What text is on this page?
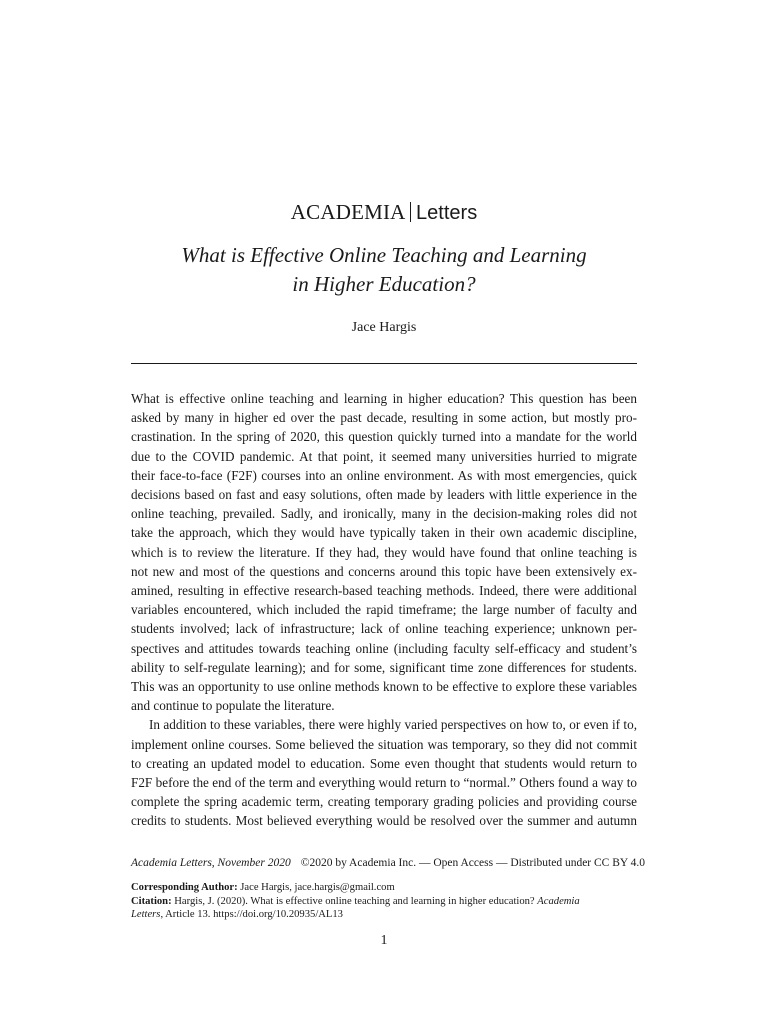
ACADEMIA Letters
What is Effective Online Teaching and Learning
in Higher Education?
Jace Hargis
What is effective online teaching and learning in higher education? This question has been
asked by many in higher ed over the past decade, resulting in some action, but mostly pro-
crastination. In the spring of 2020, this question quickly turned into a mandate for the world
due to the COVID pandemic. At that point, it seemed many universities hurried to migrate
their face-to-face (F2F) courses into an online environment. As with most emergencies, quick
decisions based on fast and easy solutions, often made by leaders with little experience in the
online teaching, prevailed. Sadly, and ironically, many in the decision-making roles did not
take the approach, which they would have typically taken in their own academic discipline,
which is to review the literature. If they had, they would have found that online teaching is
not new and most of the questions and concerns around this topic have been extensively ex-
amined, resulting in effective research-based teaching methods. Indeed, there were additional
variables encountered, which included the rapid timeframe; the large number of faculty and
students involved; lack of infrastructure; lack of online teaching experience; unknown per-
spectives and attitudes towards teaching online (including faculty self-efficacy and student’s
ability to self-regulate learning); and for some, significant time zone differences for students.
This was an opportunity to use online methods known to be effective to explore these variables
and continue to populate the literature.
In addition to these variables, there were highly varied perspectives on how to, or even if to,
implement online courses. Some believed the situation was temporary, so they did not commit
to creating an updated model to education. Some even thought that students would return to
F2F before the end of the term and everything would return to “normal.” Others found a way to
complete the spring academic term, creating temporary grading policies and providing course
credits to students. Most believed everything would be resolved over the summer and autumn
Academia Letters, November 2020 ©2020 by Academia Inc. — Open Access — Distributed under CC BY 4.0
Corresponding Author: Jace Hargis, jace.hargis@gmail.com
Citation: Hargis, J. (2020). What is effective online teaching and learning in higher education? Academia
Letters, Article 13. https://doi.org/10.20935/AL13
1
